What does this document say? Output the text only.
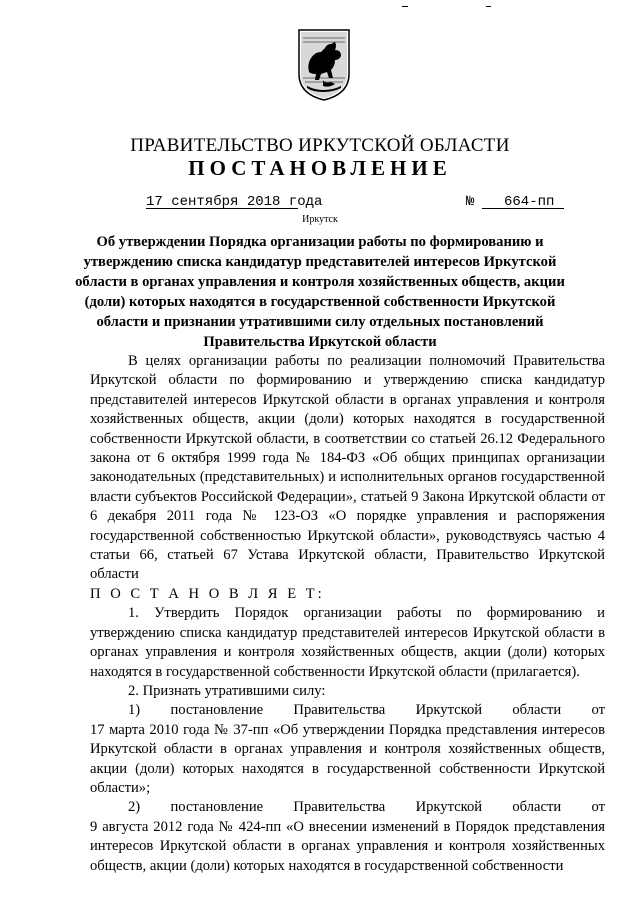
ПРАВИТЕЛЬСТВО ИРКУТСКОЙ ОБЛАСТИ
ПОСТАНОВЛЕНИЕ
17 сентября 2018 года	№ 664-пп
Иркутск
Об утверждении Порядка организации работы по формированию и утверждению списка кандидатур представителей интересов Иркутской области в органах управления и контроля хозяйственных обществ, акции (доли) которых находятся в государственной собственности Иркутской области и признании утратившими силу отдельных постановлений Правительства Иркутской области

В целях организации работы по реализации полномочий Правительства Иркутской области по формированию и утверждению списка кандидатур представителей интересов Иркутской области в органах управления и контроля хозяйственных обществ, акции (доли) которых находятся в государственной собственности Иркутской области, в соответствии со статьей 26.12 Федерального закона от 6 октября 1999 года № 184-ФЗ «Об общих принципах организации законодательных (представительных) и исполнительных органов государственной власти субъектов Российской Федерации», статьей 9 Закона Иркутской области от 6 декабря 2011 года № 123-ОЗ «О порядке управления и распоряжения государственной собственностью Иркутской области», руководствуясь частью 4 статьи 66, статьей 67 Устава Иркутской области, Правительство Иркутской области

П О С Т А Н О В Л Я Е Т:

1. Утвердить Порядок организации работы по формированию и утверждению списка кандидатур представителей интересов Иркутской области в органах управления и контроля хозяйственных обществ, акции (доли) которых находятся в государственной собственности Иркутской области (прилагается).

2. Признать утратившими силу:

1) постановление Правительства Иркутской области от

17 марта 2010 года № 37-пп «Об утверждении Порядка представления интересов Иркутской области в органах управления и контроля хозяйственных обществ, акции (доли) которых находятся в государственной собственности Иркутской области»;

2) постановление Правительства Иркутской области от

9 августа 2012 года № 424-пп «О внесении изменений в Порядок представления интересов Иркутской области в органах управления и контроля хозяйственных обществ, акции (доли) которых находятся в государственной собственности
